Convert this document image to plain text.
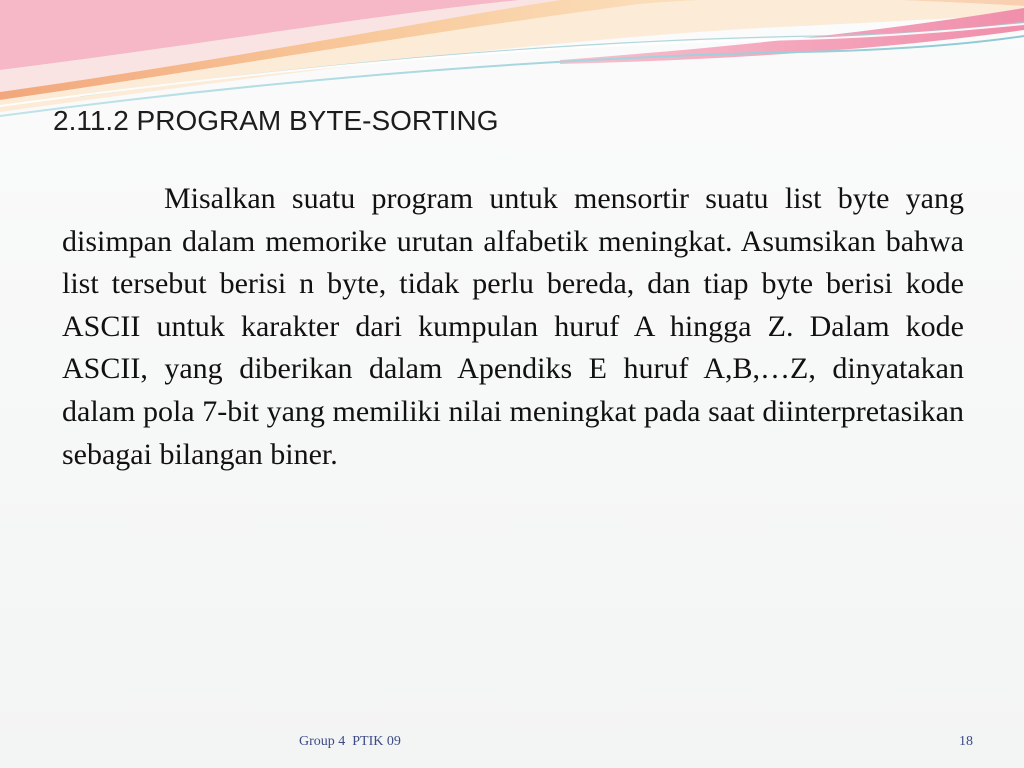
2.11.2 PROGRAM BYTE-SORTING

Misalkan suatu program untuk mensortir suatu list byte yang disimpan dalam memorike urutan alfabetik meningkat. Asumsikan bahwa list tersebut berisi n byte, tidak perlu bereda, dan tiap byte berisi kode ASCII untuk karakter dari kumpulan huruf A hingga Z. Dalam kode ASCII, yang diberikan dalam Apendiks E huruf A,B,…Z, dinyatakan dalam pola 7-bit yang memiliki nilai meningkat pada saat diinterpretasikan sebagai bilangan biner.

Group 4  PTIK 09	18
